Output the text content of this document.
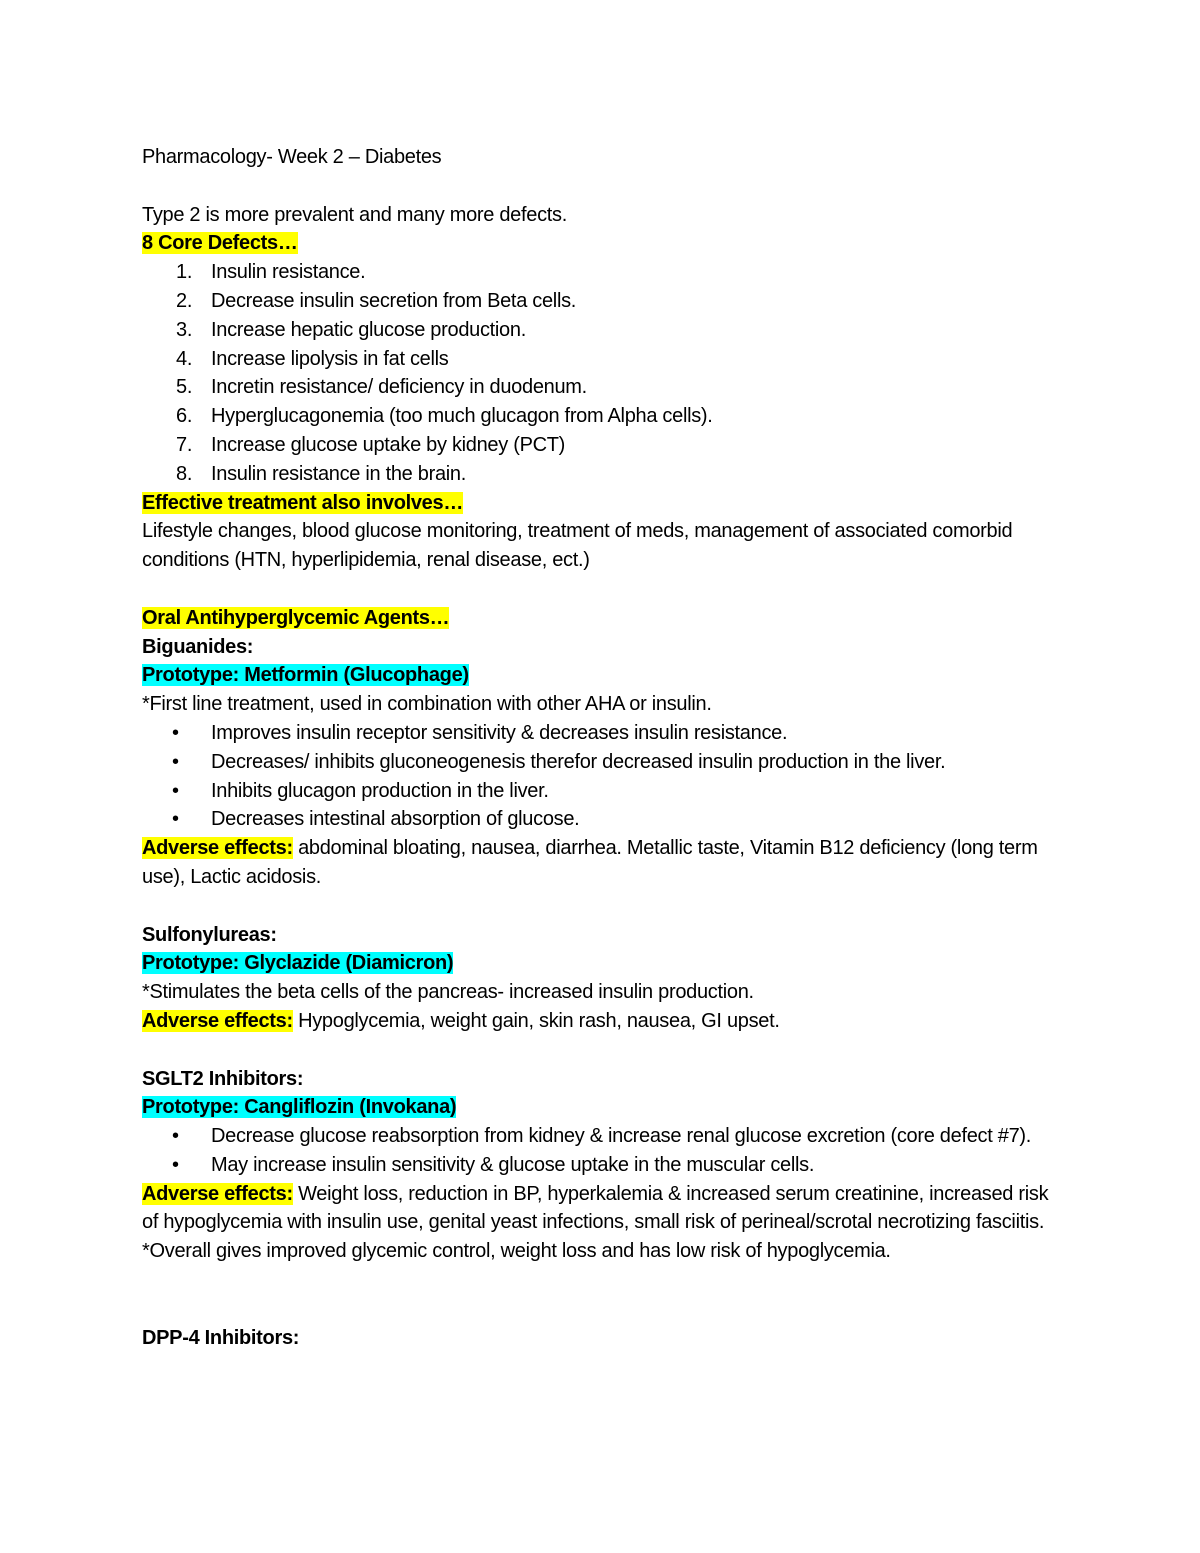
Pharmacology- Week 2 – Diabetes

Type 2 is more prevalent and many more defects.

8 Core Defects…

1. Insulin resistance.
2. Decrease insulin secretion from Beta cells.
3. Increase hepatic glucose production.
4. Increase lipolysis in fat cells
5. Incretin resistance/ deficiency in duodenum.
6. Hyperglucagonemia (too much glucagon from Alpha cells).
7. Increase glucose uptake by kidney (PCT)
8. Insulin resistance in the brain.

Effective treatment also involves…

Lifestyle changes, blood glucose monitoring, treatment of meds, management of associated comorbid conditions (HTN, hyperlipidemia, renal disease, ect.)

Oral Antihyperglycemic Agents…

Biguanides:

Prototype: Metformin (Glucophage)

*First line treatment, used in combination with other AHA or insulin.

• Improves insulin receptor sensitivity & decreases insulin resistance.
• Decreases/ inhibits gluconeogenesis therefor decreased insulin production in the liver.
• Inhibits glucagon production in the liver.
• Decreases intestinal absorption of glucose.

Adverse effects: abdominal bloating, nausea, diarrhea. Metallic taste, Vitamin B12 deficiency (long term use), Lactic acidosis.

Sulfonylureas:

Prototype: Glyclazide (Diamicron)

*Stimulates the beta cells of the pancreas- increased insulin production.

Adverse effects: Hypoglycemia, weight gain, skin rash, nausea, GI upset.

SGLT2 Inhibitors:

Prototype: Cangliflozin (Invokana)

• Decrease glucose reabsorption from kidney & increase renal glucose excretion (core defect #7).
• May increase insulin sensitivity & glucose uptake in the muscular cells.

Adverse effects: Weight loss, reduction in BP, hyperkalemia & increased serum creatinine, increased risk of hypoglycemia with insulin use, genital yeast infections, small risk of perineal/scrotal necrotizing fasciitis.

*Overall gives improved glycemic control, weight loss and has low risk of hypoglycemia.

DPP-4 Inhibitors:
